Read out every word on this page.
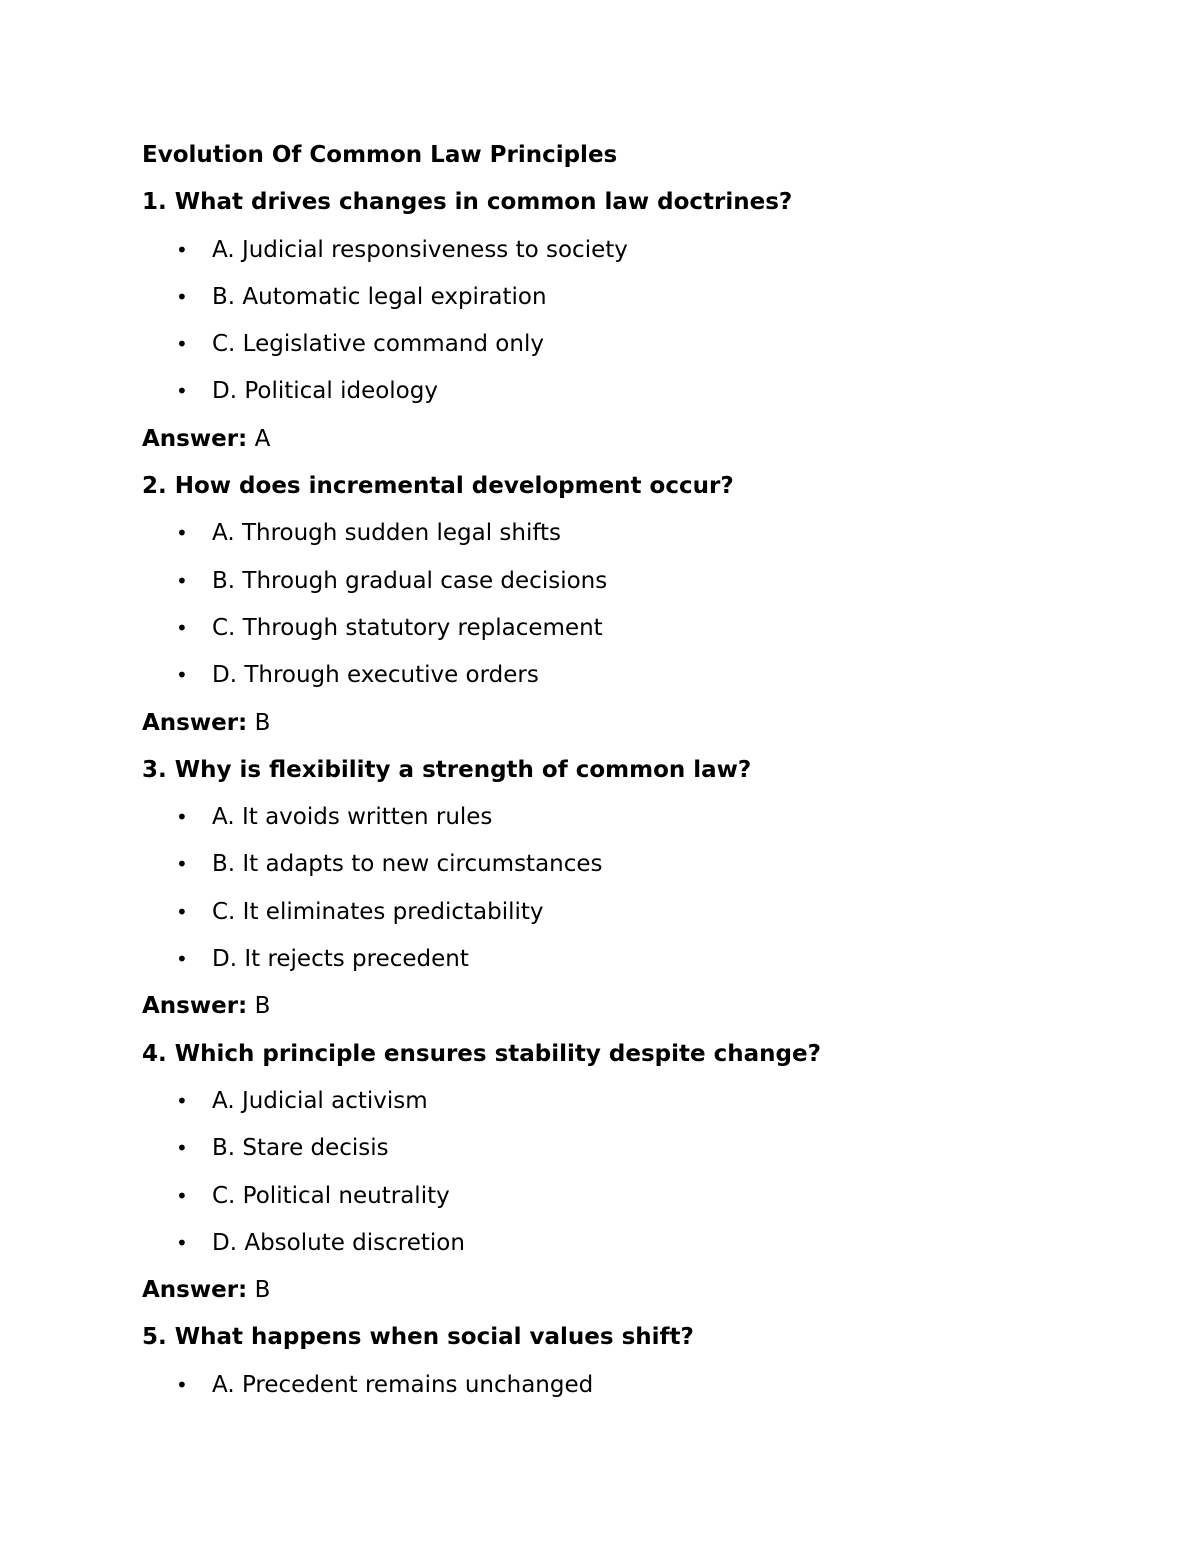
Evolution Of Common Law Principles
1. What drives changes in common law doctrines?
• A. Judicial responsiveness to society
• B. Automatic legal expiration
• C. Legislative command only
• D. Political ideology
Answer: A
2. How does incremental development occur?
• A. Through sudden legal shifts
• B. Through gradual case decisions
• C. Through statutory replacement
• D. Through executive orders
Answer: B
3. Why is flexibility a strength of common law?
• A. It avoids written rules
• B. It adapts to new circumstances
• C. It eliminates predictability
• D. It rejects precedent
Answer: B
4. Which principle ensures stability despite change?
• A. Judicial activism
• B. Stare decisis
• C. Political neutrality
• D. Absolute discretion
Answer: B
5. What happens when social values shift?
• A. Precedent remains unchanged
